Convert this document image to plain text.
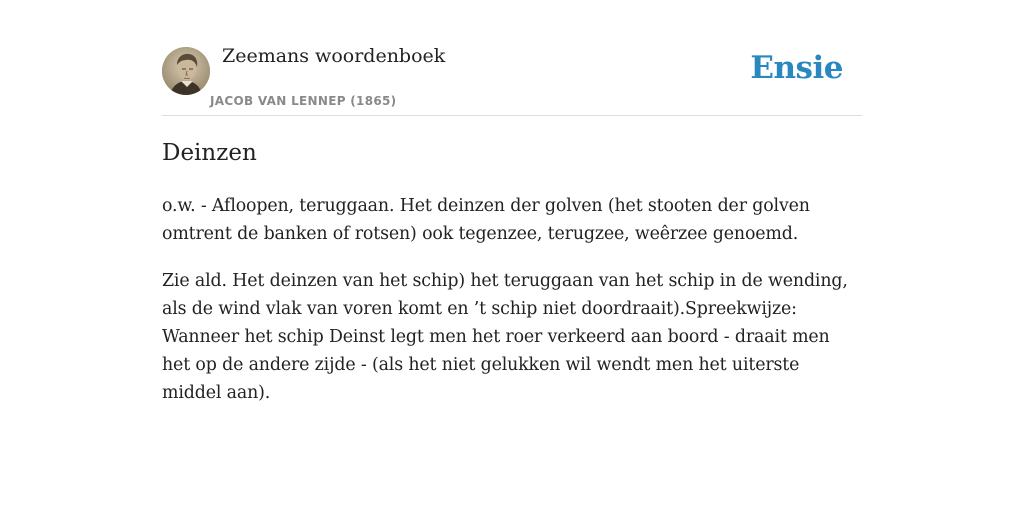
Zeemans woordenboek
JACOB VAN LENNEP (1865)
Ensie
Deinzen

o.w. - Afloopen, teruggaan. Het deinzen der golven (het stooten der golven omtrent de banken of rotsen) ook tegenzee, terugzee, weêrzee genoemd.

Zie ald. Het deinzen van het schip) het teruggaan van het schip in de wending, als de wind vlak van voren komt en ’t schip niet doordraait).Spreekwijze: Wanneer het schip Deinst legt men het roer verkeerd aan boord - draait men het op de andere zijde - (als het niet gelukken wil wendt men het uiterste middel aan).
